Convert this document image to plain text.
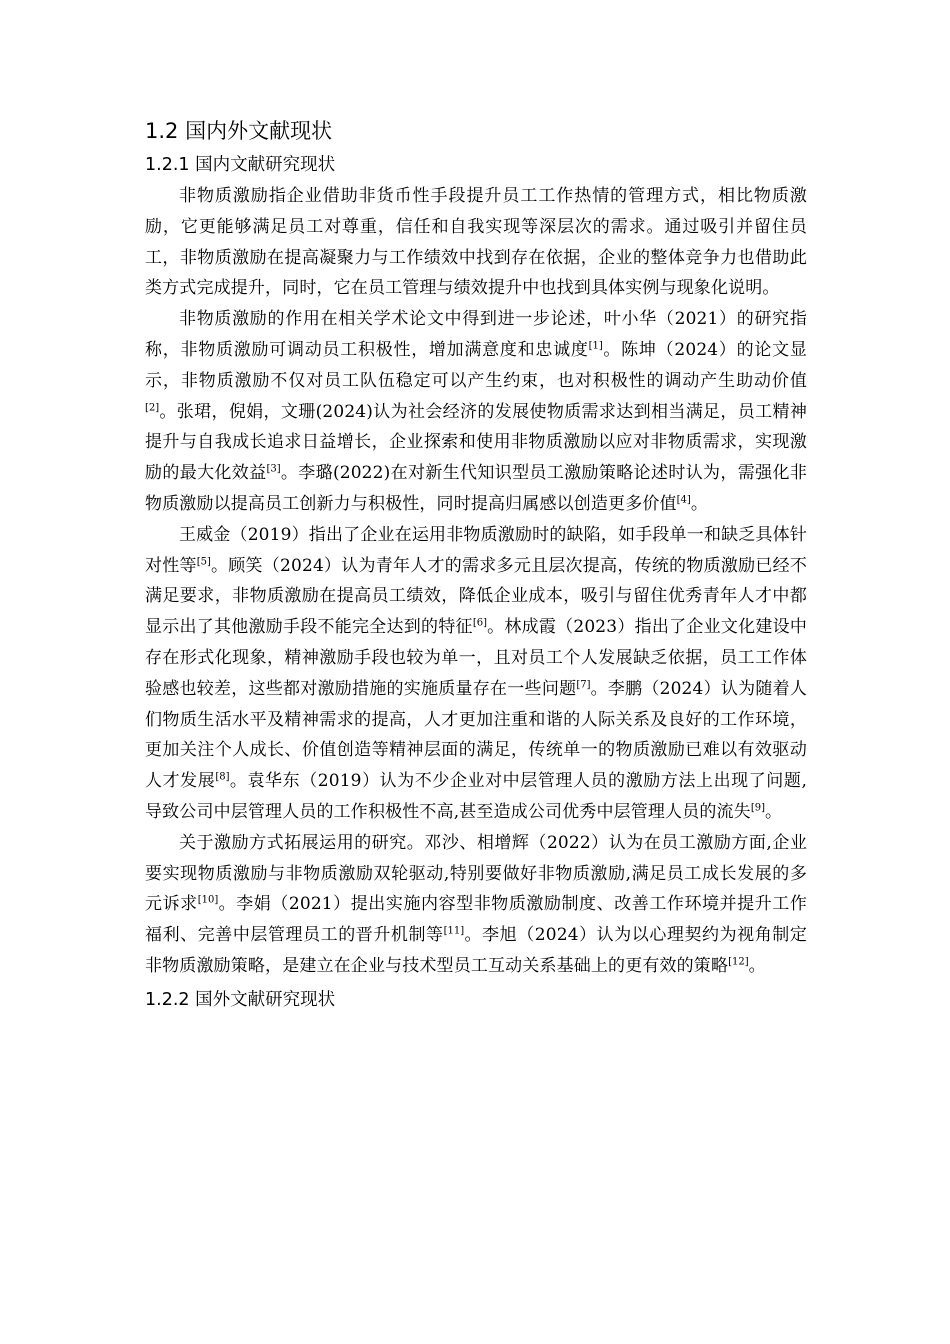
1.2 国内外文献现状
1.2.1 国内文献研究现状

非物质激励指企业借助非货币性手段提升员工工作热情的管理方式，相比物质激励，它更能够满足员工对尊重，信任和自我实现等深层次的需求。通过吸引并留住员工，非物质激励在提高凝聚力与工作绩效中找到存在依据，企业的整体竞争力也借助此类方式完成提升，同时，它在员工管理与绩效提升中也找到具体实例与现象化说明。

非物质激励的作用在相关学术论文中得到进一步论述，叶小华（2021）的研究指称，非物质激励可调动员工积极性，增加满意度和忠诚度[1]。陈坤（2024）的论文显示，非物质激励不仅对员工队伍稳定可以产生约束，也对积极性的调动产生助动价值[2]。张珺，倪娟，文珊(2024)认为社会经济的发展使物质需求达到相当满足，员工精神提升与自我成长追求日益增长，企业探索和使用非物质激励以应对非物质需求，实现激励的最大化效益[3]。李璐(2022)在对新生代知识型员工激励策略论述时认为，需强化非物质激励以提高员工创新力与积极性，同时提高归属感以创造更多价值[4]。

王威金（2019）指出了企业在运用非物质激励时的缺陷，如手段单一和缺乏具体针对性等[5]。顾笑（2024）认为青年人才的需求多元且层次提高，传统的物质激励已经不满足要求，非物质激励在提高员工绩效，降低企业成本，吸引与留住优秀青年人才中都显示出了其他激励手段不能完全达到的特征[6]。林成霞（2023）指出了企业文化建设中存在形式化现象，精神激励手段也较为单一，且对员工个人发展缺乏依据，员工工作体验感也较差，这些都对激励措施的实施质量存在一些问题[7]。李鹏（2024）认为随着人们物质生活水平及精神需求的提高，人才更加注重和谐的人际关系及良好的工作环境，更加关注个人成长、价值创造等精神层面的满足，传统单一的物质激励已难以有效驱动人才发展[8]。袁华东（2019）认为不少企业对中层管理人员的激励方法上出现了问题,导致公司中层管理人员的工作积极性不高,甚至造成公司优秀中层管理人员的流失[9]。

关于激励方式拓展运用的研究。邓沙、相增辉（2022）认为在员工激励方面,企业要实现物质激励与非物质激励双轮驱动,特别要做好非物质激励,满足员工成长发展的多元诉求[10]。李娟（2021）提出实施内容型非物质激励制度、改善工作环境并提升工作福利、完善中层管理员工的晋升机制等[11]。李旭（2024）认为以心理契约为视角制定非物质激励策略，是建立在企业与技术型员工互动关系基础上的更有效的策略[12]。

1.2.2 国外文献研究现状
